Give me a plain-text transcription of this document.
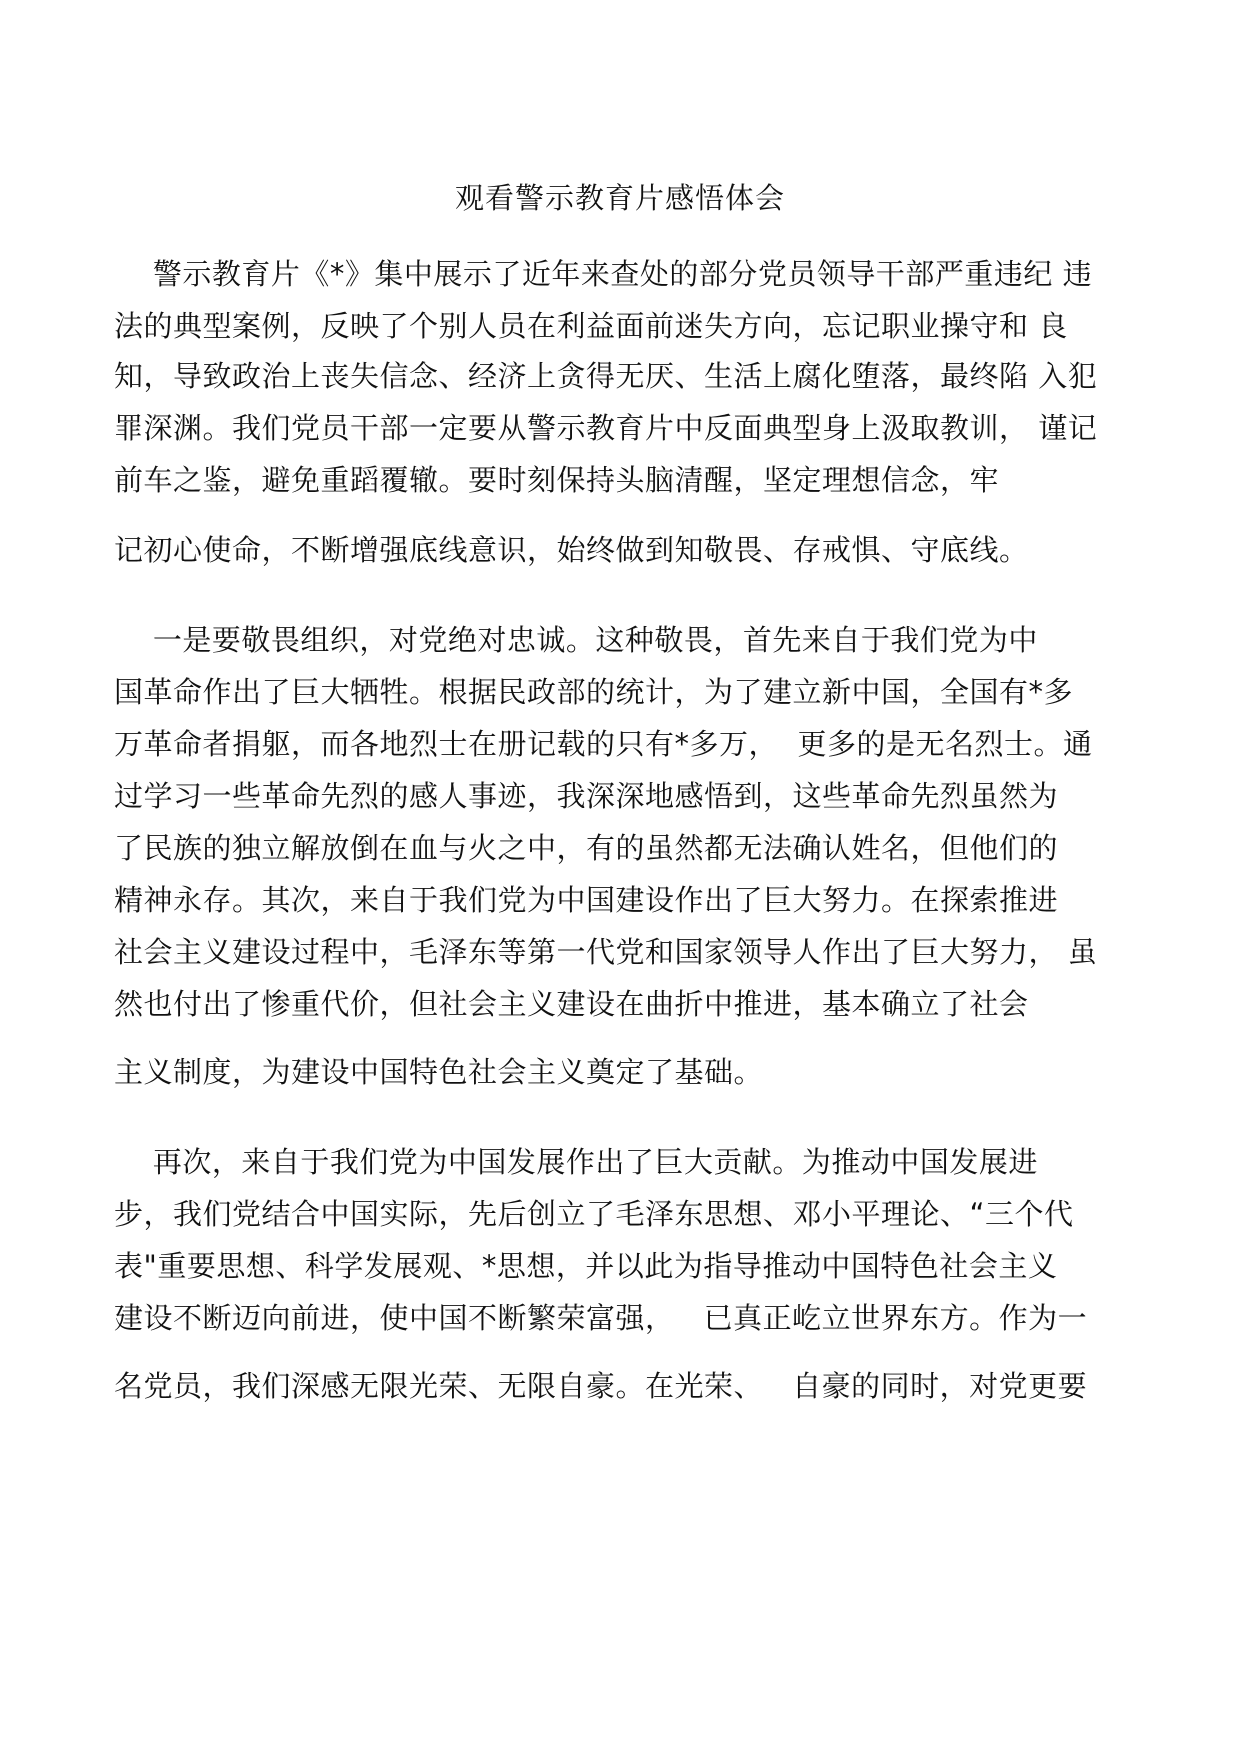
观看警示教育片感悟体会
警示教育片《*》集中展示了近年来查处的部分党员领导干部严重违纪 违
法的典型案例，反映了个别人员在利益面前迷失方向，忘记职业操守和 良
知，导致政治上丧失信念、经济上贪得无厌、生活上腐化堕落，最终陷 入犯
罪深渊。我们党员干部一定要从警示教育片中反面典型身上汲取教训， 谨记
前车之鉴，避免重蹈覆辙。要时刻保持头脑清醒，坚定理想信念，牢
记初心使命，不断增强底线意识，始终做到知敬畏、存戒惧、守底线。
一是要敬畏组织，对党绝对忠诚。这种敬畏，首先来自于我们党为中
国革命作出了巨大牺牲。根据民政部的统计，为了建立新中国，全国有*多
万革命者捐躯，而各地烈士在册记载的只有*多万，  更多的是无名烈士。通
过学习一些革命先烈的感人事迹，我深深地感悟到，这些革命先烈虽然为
了民族的独立解放倒在血与火之中，有的虽然都无法确认姓名，但他们的
精神永存。其次，来自于我们党为中国建设作出了巨大努力。在探索推进
社会主义建设过程中，毛泽东等第一代党和国家领导人作出了巨大努力， 虽
然也付出了惨重代价，但社会主义建设在曲折中推进，基本确立了社会
主义制度，为建设中国特色社会主义奠定了基础。
再次，来自于我们党为中国发展作出了巨大贡献。为推动中国发展进
步，我们党结合中国实际，先后创立了毛泽东思想、邓小平理论、“三个代
表"重要思想、科学发展观、*思想，并以此为指导推动中国特色社会主义
建设不断迈向前进，使中国不断繁荣富强，   已真正屹立世界东方。作为一
名党员，我们深感无限光荣、无限自豪。在光荣、   自豪的同时，对党更要
